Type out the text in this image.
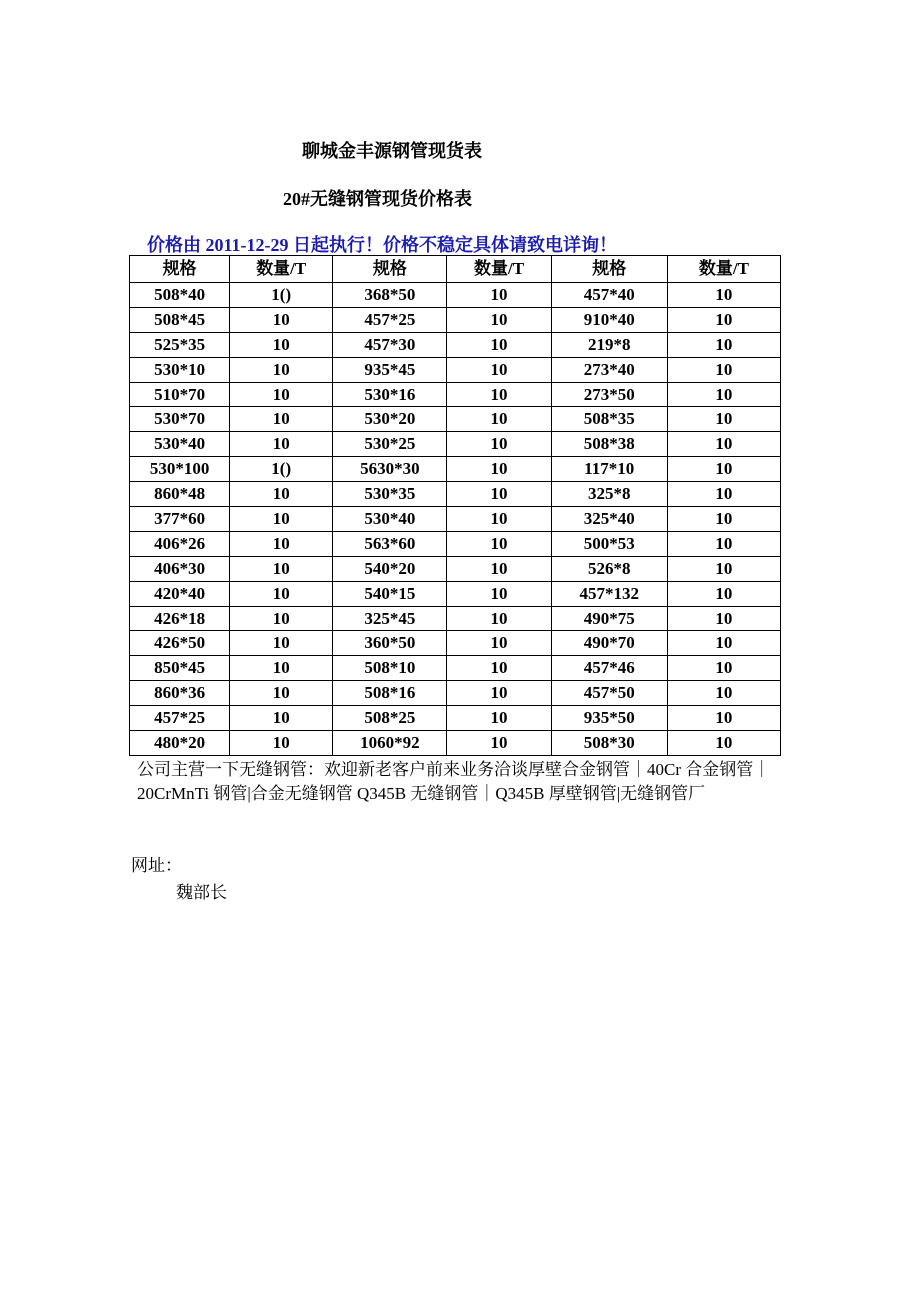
聊城金丰源钢管现货表
20#无缝钢管现货价格表
价格由 2011-12-29 日起执行！价格不稳定具体请致电详询！
规格	数量/T	规格	数量/T	规格	数量/T
508*40	1()	368*50	10	457*40	10
508*45	10	457*25	10	910*40	10
525*35	10	457*30	10	219*8	10
530*10	10	935*45	10	273*40	10
510*70	10	530*16	10	273*50	10
530*70	10	530*20	10	508*35	10
530*40	10	530*25	10	508*38	10
530*100	1()	5630*30	10	117*10	10
860*48	10	530*35	10	325*8	10
377*60	10	530*40	10	325*40	10
406*26	10	563*60	10	500*53	10
406*30	10	540*20	10	526*8	10
420*40	10	540*15	10	457*132	10
426*18	10	325*45	10	490*75	10
426*50	10	360*50	10	490*70	10
850*45	10	508*10	10	457*46	10
860*36	10	508*16	10	457*50	10
457*25	10	508*25	10	935*50	10
480*20	10	1060*92	10	508*30	10
公司主营一下无缝钢管：欢迎新老客户前来业务洽谈厚壁合金钢管｜40Cr 合金钢管｜20CrMnTi 钢管|合金无缝钢管 Q345B 无缝钢管｜Q345B 厚壁钢管|无缝钢管厂
网址：
魏部长
